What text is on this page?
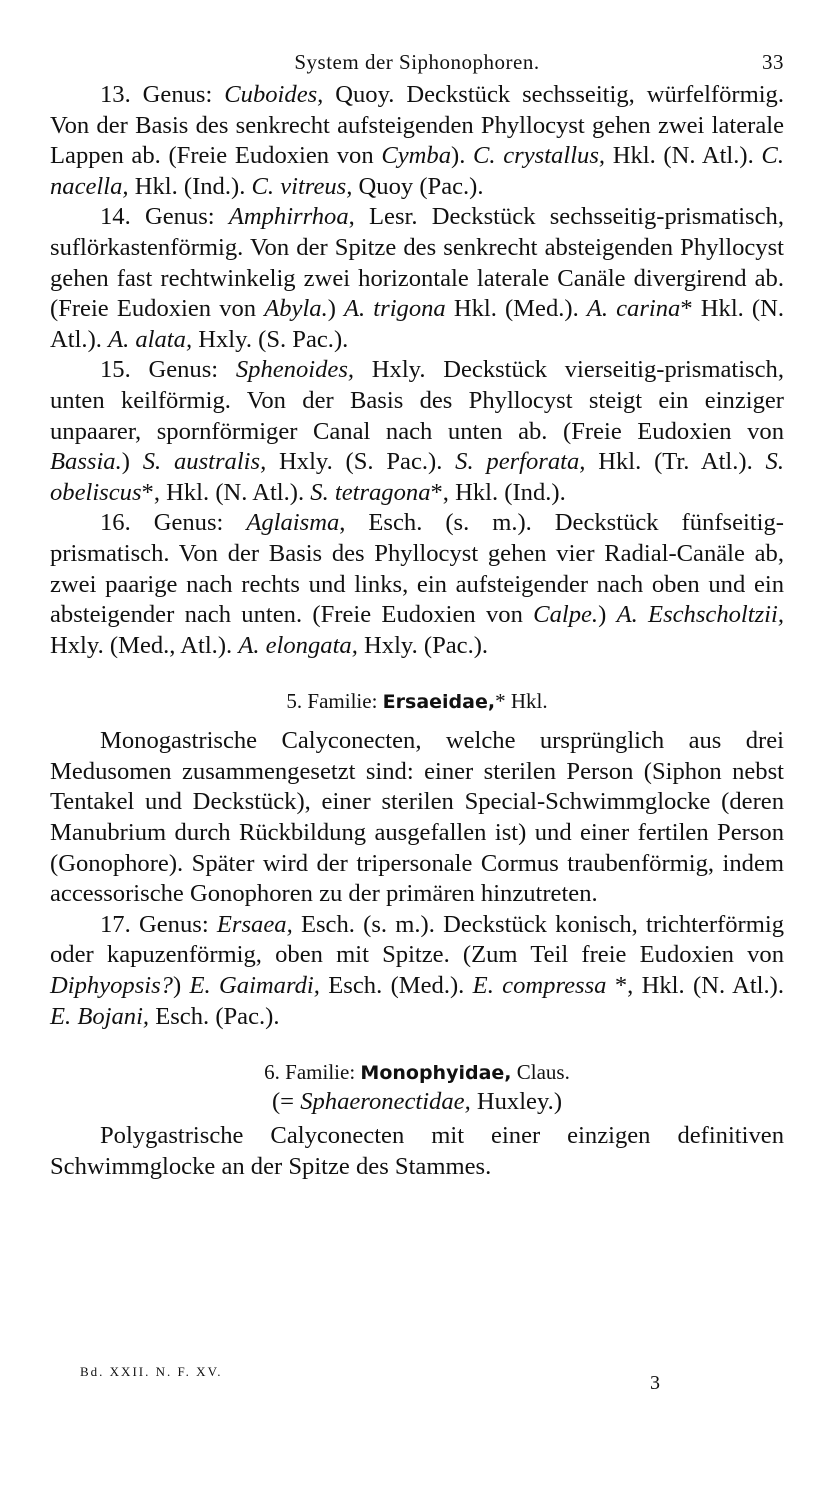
System der Siphonophoren.	33

13. Genus: Cuboides, Quoy. Deckstück sechsseitig, würfelförmig. Von der Basis des senkrecht aufsteigenden Phyllocyst gehen zwei laterale Lappen ab. (Freie Eudoxien von Cymba). C. crystallus, Hkl. (N. Atl.). C. nacella, Hkl. (Ind.). C. vitreus, Quoy (Pac.).

14. Genus: Amphirrhoa, Lesr. Deckstück sechsseitig-prismatisch, suflörkastenförmig. Von der Spitze des senkrecht absteigenden Phyllocyst gehen fast rechtwinkelig zwei horizontale laterale Canäle divergirend ab. (Freie Eudoxien von Abyla.) A. trigona Hkl. (Med.). A. carina* Hkl. (N. Atl.). A. alata, Hxly. (S. Pac.).

15. Genus: Sphenoides, Hxly. Deckstück vierseitig-prismatisch, unten keilförmig. Von der Basis des Phyllocyst steigt ein einziger unpaarer, spornförmiger Canal nach unten ab. (Freie Eudoxien von Bassia.) S. australis, Hxly. (S. Pac.). S. perforata, Hkl. (Tr. Atl.). S. obeliscus*, Hkl. (N. Atl.). S. tetragona*, Hkl. (Ind.).

16. Genus: Aglaisma, Esch. (s. m.). Deckstück fünfseitig-prismatisch. Von der Basis des Phyllocyst gehen vier Radial-Canäle ab, zwei paarige nach rechts und links, ein aufsteigender nach oben und ein absteigender nach unten. (Freie Eudoxien von Calpe.) A. Eschscholtzii, Hxly. (Med., Atl.). A. elongata, Hxly. (Pac.).

5. Familie: Ersaeidae,* Hkl.

Monogastrische Calyconecten, welche ursprünglich aus drei Medusomen zusammengesetzt sind: einer sterilen Person (Siphon nebst Tentakel und Deckstück), einer sterilen Special-Schwimmglocke (deren Manubrium durch Rückbildung ausgefallen ist) und einer fertilen Person (Gonophore). Später wird der tripersonale Cormus traubenförmig, indem accessorische Gonophoren zu der primären hinzutreten.

17. Genus: Ersaea, Esch. (s. m.). Deckstück konisch, trichterförmig oder kapuzenförmig, oben mit Spitze. (Zum Teil freie Eudoxien von Diphyopsis?) E. Gaimardi, Esch. (Med.). E. compressa *, Hkl. (N. Atl.). E. Bojani, Esch. (Pac.).

6. Familie: Monophyidae, Claus.

(= Sphaeronectidae, Huxley.)

Polygastrische Calyconecten mit einer einzigen definitiven Schwimmglocke an der Spitze des Stammes.

Bd. XXII. N. F. XV.
3
